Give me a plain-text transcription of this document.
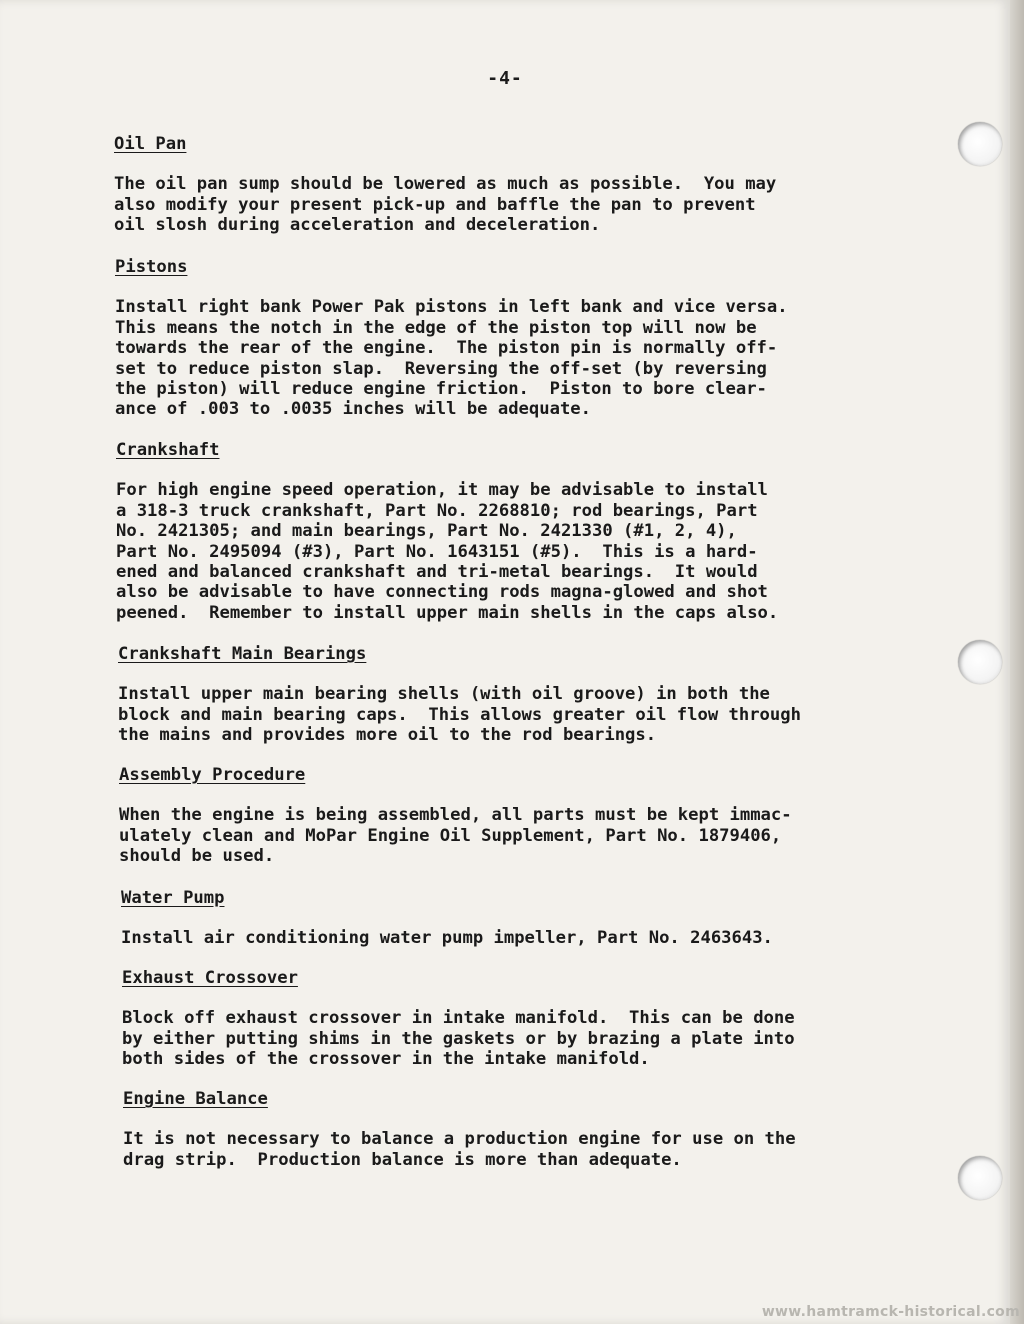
-4-
Oil Pan

The oil pan sump should be lowered as much as possible.  You may
also modify your present pick-up and baffle the pan to prevent
oil slosh during acceleration and deceleration.

Pistons

Install right bank Power Pak pistons in left bank and vice versa.
This means the notch in the edge of the piston top will now be
towards the rear of the engine.  The piston pin is normally off-
set to reduce piston slap.  Reversing the off-set (by reversing
the piston) will reduce engine friction.  Piston to bore clear-
ance of .003 to .0035 inches will be adequate.

Crankshaft

For high engine speed operation, it may be advisable to install
a 318-3 truck crankshaft, Part No. 2268810; rod bearings, Part
No. 2421305; and main bearings, Part No. 2421330 (#1, 2, 4),
Part No. 2495094 (#3), Part No. 1643151 (#5).  This is a hard-
ened and balanced crankshaft and tri-metal bearings.  It would
also be advisable to have connecting rods magna-glowed and shot
peened.  Remember to install upper main shells in the caps also.

Crankshaft Main Bearings

Install upper main bearing shells (with oil groove) in both the
block and main bearing caps.  This allows greater oil flow through
the mains and provides more oil to the rod bearings.

Assembly Procedure

When the engine is being assembled, all parts must be kept immac-
ulately clean and MoPar Engine Oil Supplement, Part No. 1879406,
should be used.

Water Pump

Install air conditioning water pump impeller, Part No. 2463643.

Exhaust Crossover

Block off exhaust crossover in intake manifold.  This can be done
by either putting shims in the gaskets or by brazing a plate into
both sides of the crossover in the intake manifold.

Engine Balance

It is not necessary to balance a production engine for use on the
drag strip.  Production balance is more than adequate.

www.hamtramck-historical.com
